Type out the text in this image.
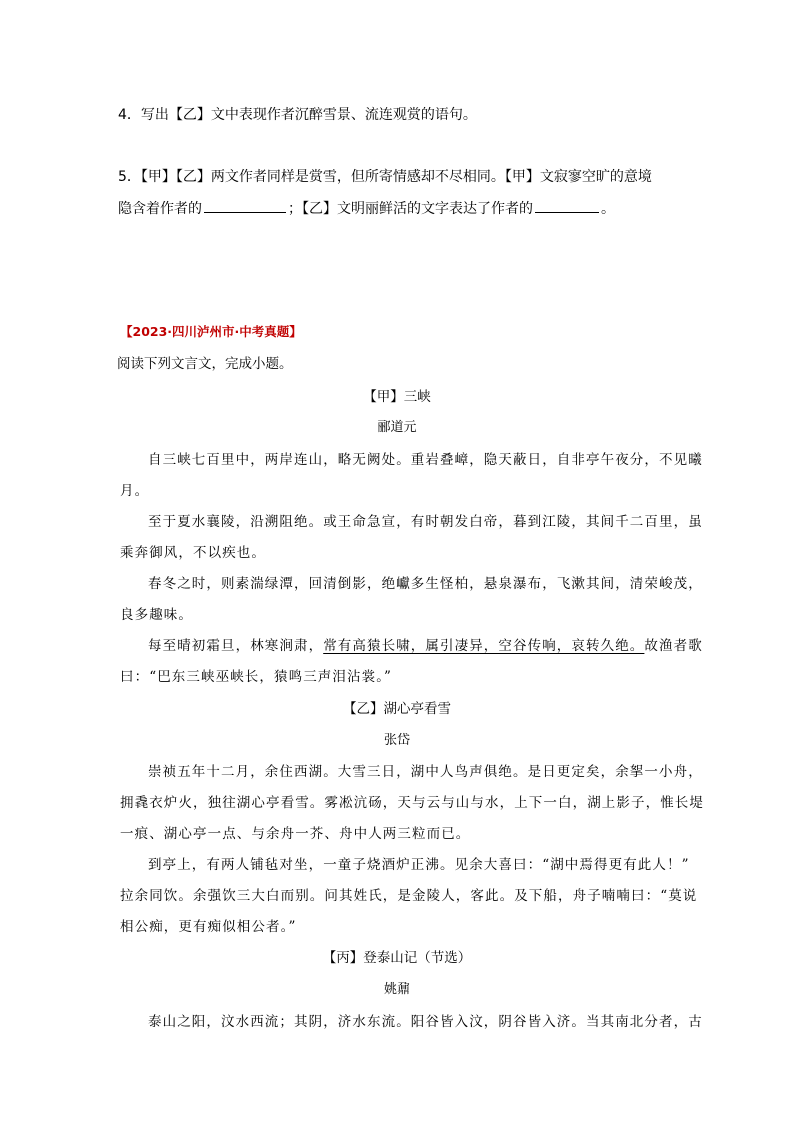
4．写出【乙】文中表现作者沉醉雪景、流连观赏的语句。
5．【甲】【乙】两文作者同样是赏雪，但所寄情感却不尽相同。【甲】文寂寥空旷的意境
隐含着作者的	；【乙】文明丽鲜活的文字表达了作者的	。
【2023·四川泸州市·中考真题】
阅读下列文言文，完成小题。
【甲】三峡
郦道元
自三峡七百里中，两岸连山，略无阙处。重岩叠嶂，隐天蔽日，自非亭午夜分，不见曦
月。
至于夏水襄陵，沿溯阻绝。或王命急宣，有时朝发白帝，暮到江陵，其间千二百里，虽
乘奔御风，不以疾也。
春冬之时，则素湍绿潭，回清倒影，绝巘多生怪柏，悬泉瀑布，飞漱其间，清荣峻茂，
良多趣味。
每至晴初霜旦，林寒涧肃，常有高猿长啸，属引凄异，空谷传响，哀转久绝。故渔者歌
曰：“巴东三峡巫峡长，猿鸣三声泪沾裳。”
【乙】湖心亭看雪
张岱
崇祯五年十二月，余住西湖。大雪三日，湖中人鸟声俱绝。是日更定矣，余挐一小舟，
拥毳衣炉火，独往湖心亭看雪。雾凇沆砀，天与云与山与水，上下一白，湖上影子，惟长堤
一痕、湖心亭一点、与余舟一芥、舟中人两三粒而已。
到亭上，有两人铺毡对坐，一童子烧酒炉正沸。见余大喜曰：“湖中焉得更有此人！”
拉余同饮。余强饮三大白而别。问其姓氏，是金陵人，客此。及下船，舟子喃喃曰：“莫说
相公痴，更有痴似相公者。”
【丙】登泰山记（节选）
姚鼐
泰山之阳，汶水西流；其阴，济水东流。阳谷皆入汶，阴谷皆入济。当其南北分者，古
